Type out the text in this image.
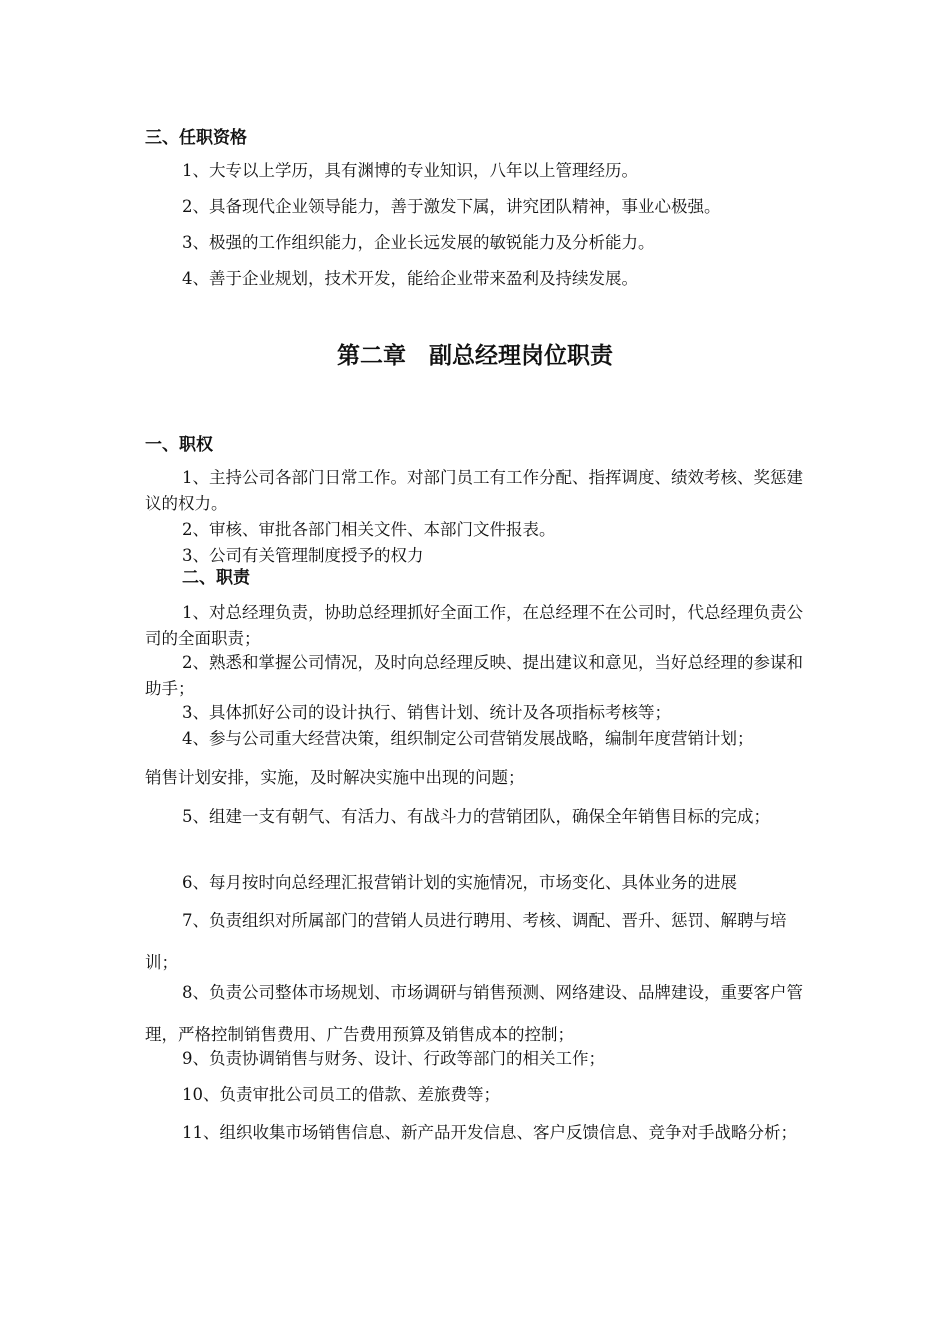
三、任职资格
1、大专以上学历，具有渊博的专业知识，八年以上管理经历。
2、具备现代企业领导能力，善于激发下属，讲究团队精神，事业心极强。
3、极强的工作组织能力，企业长远发展的敏锐能力及分析能力。
4、善于企业规划，技术开发，能给企业带来盈利及持续发展。
第二章　副总经理岗位职责
一、职权
1、主持公司各部门日常工作。对部门员工有工作分配、指挥调度、绩效考核、奖惩建议的权力。
2、审核、审批各部门相关文件、本部门文件报表。
3、公司有关管理制度授予的权力
二、职责
1、对总经理负责，协助总经理抓好全面工作，在总经理不在公司时，代总经理负责公司的全面职责；
2、熟悉和掌握公司情况，及时向总经理反映、提出建议和意见，当好总经理的参谋和助手；
3、具体抓好公司的设计执行、销售计划、统计及各项指标考核等；
4、参与公司重大经营决策，组织制定公司营销发展战略，编制年度营销计划；
销售计划安排，实施，及时解决实施中出现的问题；
5、组建一支有朝气、有活力、有战斗力的营销团队，确保全年销售目标的完成；
6、每月按时向总经理汇报营销计划的实施情况，市场变化、具体业务的进展
7、负责组织对所属部门的营销人员进行聘用、考核、调配、晋升、惩罚、解聘与培训；
8、负责公司整体市场规划、市场调研与销售预测、网络建设、品牌建设，重要客户管理，严格控制销售费用、广告费用预算及销售成本的控制；
9、负责协调销售与财务、设计、行政等部门的相关工作；
10、负责审批公司员工的借款、差旅费等；
11、组织收集市场销售信息、新产品开发信息、客户反馈信息、竞争对手战略分析；
